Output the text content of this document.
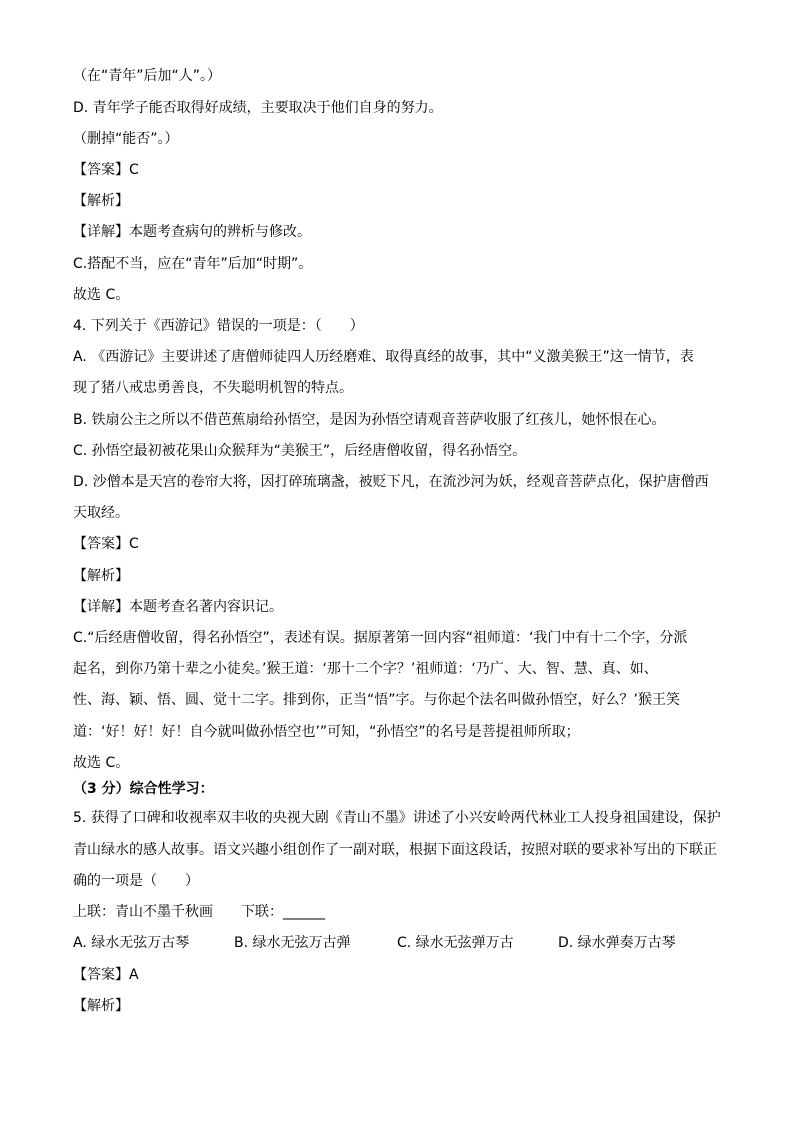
（在“青年”后加“人”。）
D. 青年学子能否取得好成绩，主要取决于他们自身的努力。
（删掉“能否”。）
【答案】C
【解析】
【详解】本题考查病句的辨析与修改。
C.搭配不当，应在“青年”后加“时期”。
故选 C。
4. 下列关于《西游记》错误的一项是：（　　）
A. 《西游记》主要讲述了唐僧师徒四人历经磨难、取得真经的故事，其中“义激美猴王”这一情节，表
现了猪八戒忠勇善良，不失聪明机智的特点。
B. 铁扇公主之所以不借芭蕉扇给孙悟空，是因为孙悟空请观音菩萨收服了红孩儿，她怀恨在心。
C. 孙悟空最初被花果山众猴拜为“美猴王”，后经唐僧收留，得名孙悟空。
D. 沙僧本是天宫的卷帘大将，因打碎琉璃盏，被贬下凡，在流沙河为妖，经观音菩萨点化，保护唐僧西
天取经。
【答案】C
【解析】
【详解】本题考查名著内容识记。
C.“后经唐僧收留，得名孙悟空”，表述有误。据原著第一回内容“祖师道：‘我门中有十二个字，分派
起名，到你乃第十辈之小徒矣。’猴王道：‘那十二个字？’祖师道：‘乃广、大、智、慧、真、如、
性、海、颖、悟、圆、觉十二字。排到你，正当“悟”字。与你起个法名叫做孙悟空，好么？’猴王笑
道：‘好！好！好！自今就叫做孙悟空也’”可知，“孙悟空”的名号是菩提祖师所取；
故选 C。
（3 分）综合性学习：
5. 获得了口碑和收视率双丰收的央视大剧《青山不墨》讲述了小兴安岭两代林业工人投身祖国建设，保护
青山绿水的感人故事。语文兴趣小组创作了一副对联，根据下面这段话，按照对联的要求补写出的下联正
确的一项是（　　）
上联：青山不墨千秋画　　下联：______
A. 绿水无弦万古琴	B. 绿水无弦万古弹	C. 绿水无弦弹万古	D. 绿水弹奏万古琴
【答案】A
【解析】
